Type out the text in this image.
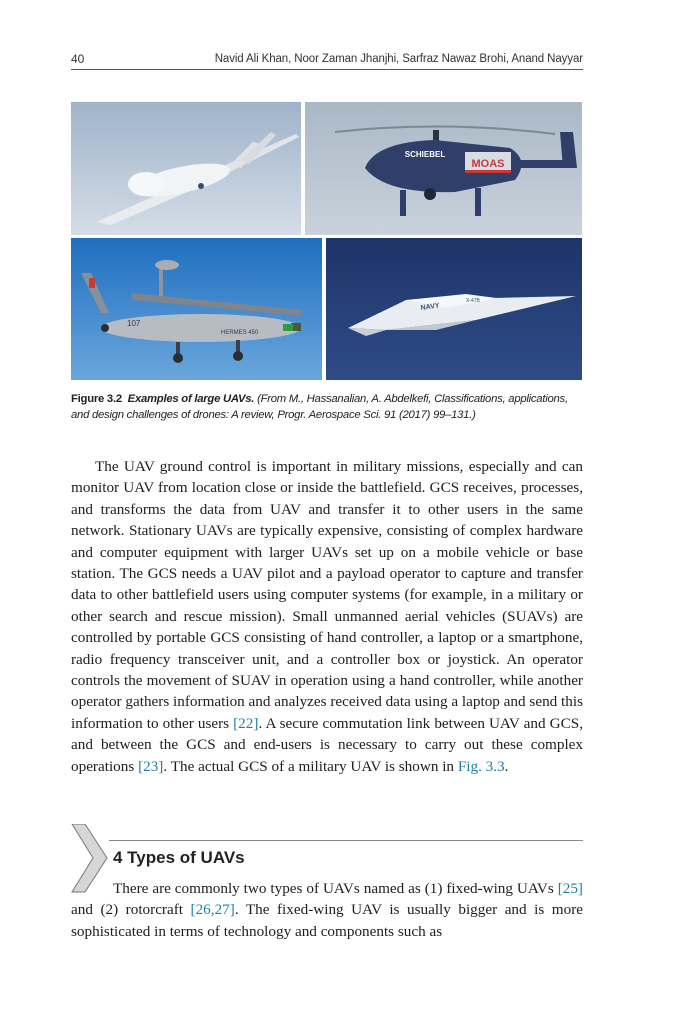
40	Navid Ali Khan, Noor Zaman Jhanjhi, Sarfraz Nawaz Brohi, Anand Nayyar
MOAS
SCHIEBEL
107
HERMES 450
NAVY
X-47B
Figure 3.2 Examples of large UAVs. (From M., Hassanalian, A. Abdelkefi, Classifications, applications, and design challenges of drones: A review, Progr. Aerospace Sci. 91 (2017) 99–131.)
The UAV ground control is important in military missions, especially and can monitor UAV from location close or inside the battlefield. GCS receives, processes, and transforms the data from UAV and transfer it to other users in the same network. Stationary UAVs are typically expensive, consisting of complex hardware and computer equipment with larger UAVs set up on a mobile vehicle or base station. The GCS needs a UAV pilot and a payload operator to capture and transfer data to other battlefield users using computer systems (for example, in a military or other search and rescue mission). Small unmanned aerial vehicles (SUAVs) are controlled by portable GCS consisting of hand controller, a laptop or a smartphone, radio frequency transceiver unit, and a controller box or joystick. An operator controls the movement of SUAV in operation using a hand controller, while another operator gathers information and analyzes received data using a laptop and send this information to other users [22]. A secure commutation link between UAV and GCS, and between the GCS and end-users is necessary to carry out these complex operations [23]. The actual GCS of a military UAV is shown in Fig. 3.3.
4 Types of UAVs
There are commonly two types of UAVs named as (1) fixed-wing UAVs [25] and (2) rotorcraft [26,27]. The fixed-wing UAV is usually bigger and is more sophisticated in terms of technology and components such as
